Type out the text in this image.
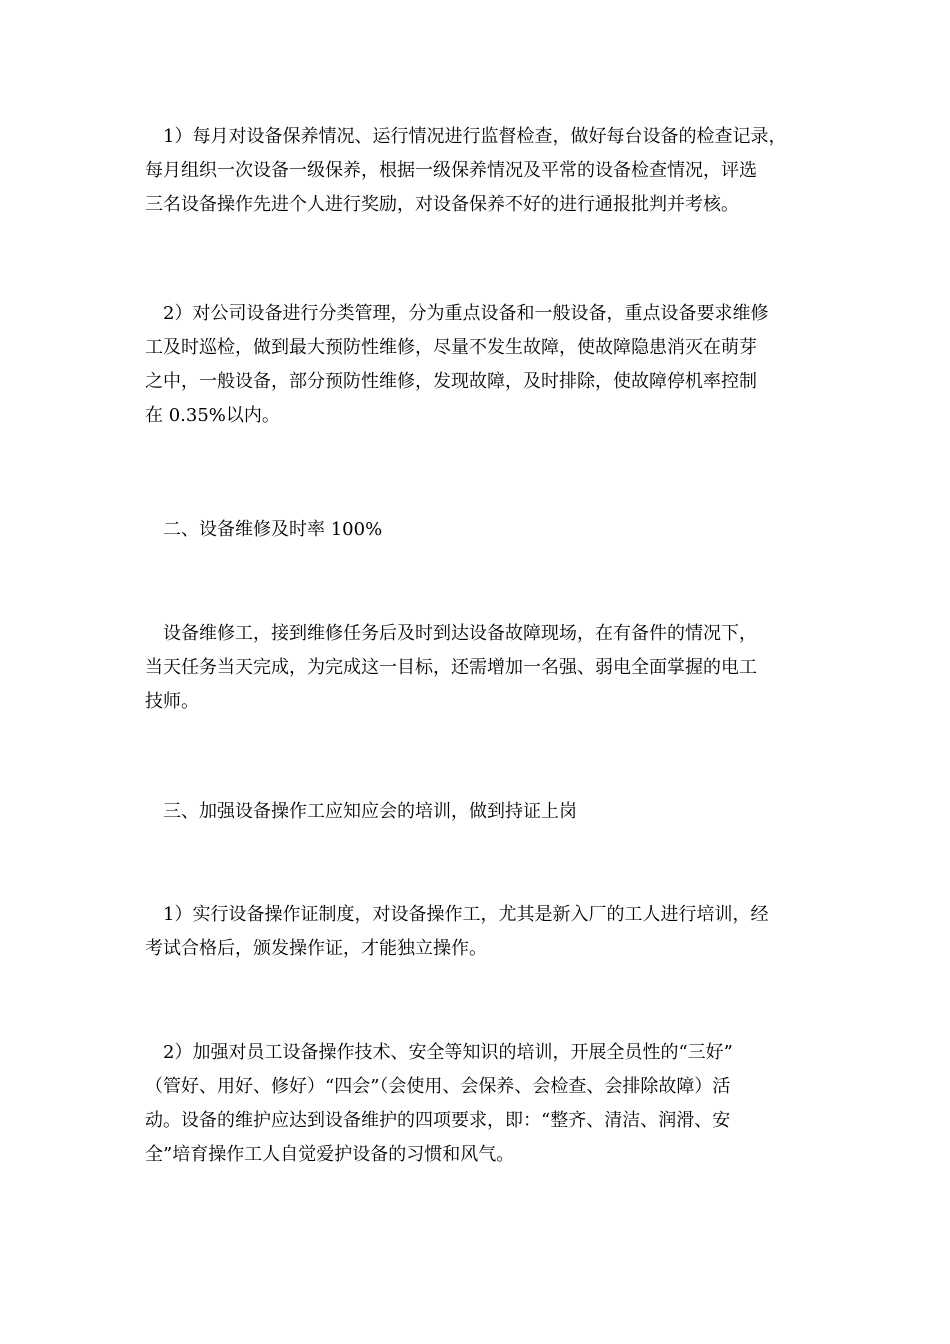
1）每月对设备保养情况、运行情况进行监督检查，做好每台设备的检查记录，
每月组织一次设备一级保养，根据一级保养情况及平常的设备检查情况，评选
三名设备操作先进个人进行奖励，对设备保养不好的进行通报批判并考核。
2）对公司设备进行分类管理，分为重点设备和一般设备，重点设备要求维修
工及时巡检，做到最大预防性维修，尽量不发生故障，使故障隐患消灭在萌芽
之中，一般设备，部分预防性维修，发现故障，及时排除，使故障停机率控制
在 0.35%以内。
二、设备维修及时率 100%
设备维修工，接到维修任务后及时到达设备故障现场，在有备件的情况下，
当天任务当天完成，为完成这一目标，还需增加一名强、弱电全面掌握的电工
技师。
三、加强设备操作工应知应会的培训，做到持证上岗
1）实行设备操作证制度，对设备操作工，尤其是新入厂的工人进行培训，经
考试合格后，颁发操作证，才能独立操作。
2）加强对员工设备操作技术、安全等知识的培训，开展全员性的“三好”
（管好、用好、修好）“四会”（会使用、会保养、会检查、会排除故障）活
动。设备的维护应达到设备维护的四项要求，即：“整齐、清洁、润滑、安
全”培育操作工人自觉爱护设备的习惯和风气。
